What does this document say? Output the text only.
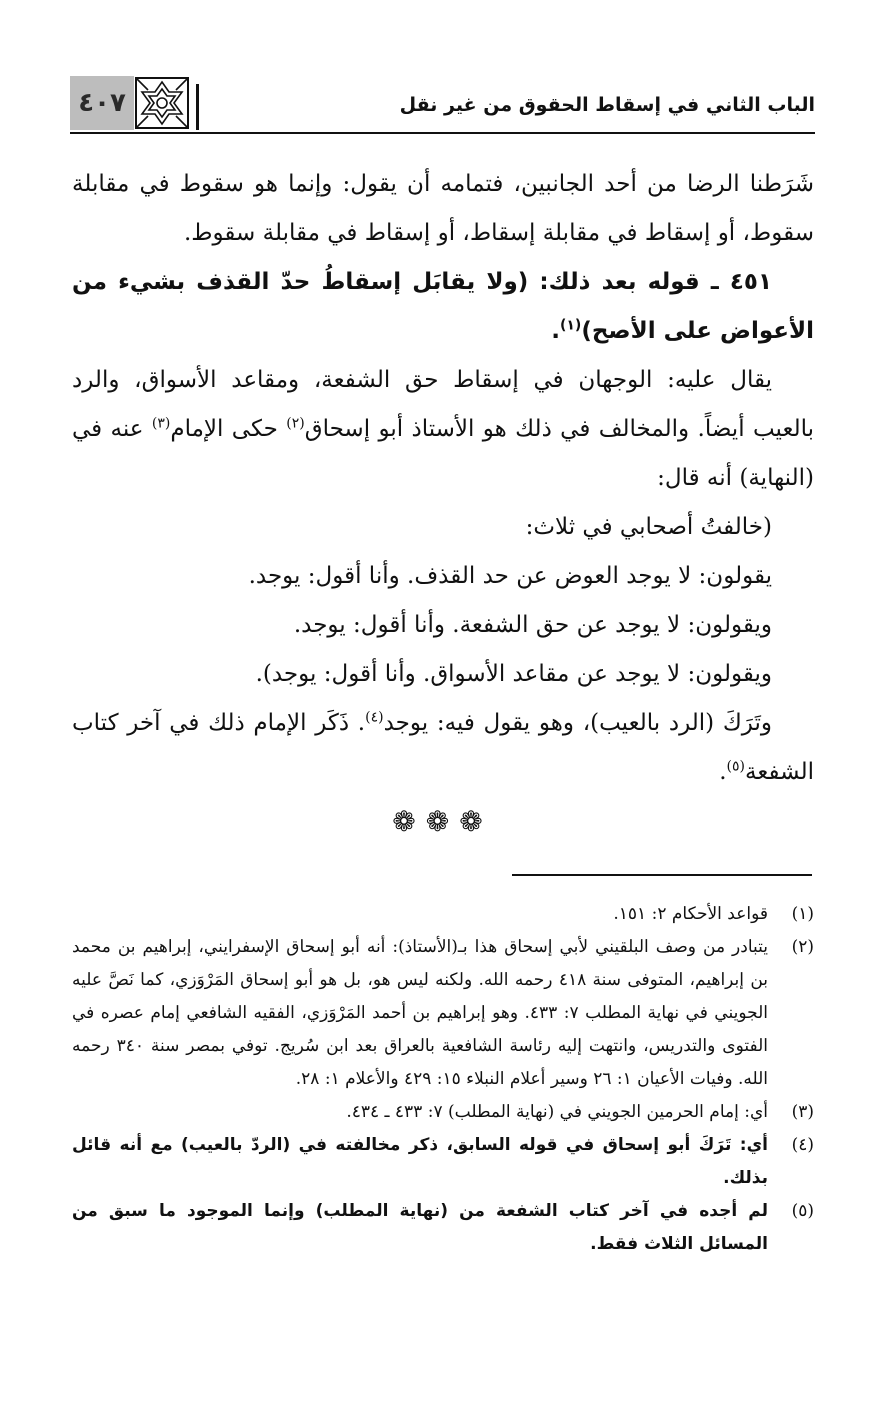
٤٠٧	الباب الثاني في إسقاط الحقوق من غير نقل

شَرَطنا الرضا من أحد الجانبين، فتمامه أن يقول: وإنما هو سقوط في مقابلة سقوط، أو إسقاط في مقابلة إسقاط، أو إسقاط في مقابلة سقوط.

٤٥١ ـ قوله بعد ذلك: (ولا يقابَل إسقاطُ حدّ القذف بشيء من الأعواض على الأصح)$^{(١)}$.

يقال عليه: الوجهان في إسقاط حق الشفعة، ومقاعد الأسواق، والرد بالعيب أيضاً. والمخالف في ذلك هو الأستاذ أبو إسحاق$^{(٢)}$ حكى الإمام$^{(٣)}$ عنه في (النهاية) أنه قال:

(خالفتُ أصحابي في ثلاث:

يقولون: لا يوجد العوض عن حد القذف. وأنا أقول: يوجد.

ويقولون: لا يوجد عن حق الشفعة. وأنا أقول: يوجد.

ويقولون: لا يوجد عن مقاعد الأسواق. وأنا أقول: يوجد).

وتَرَكَ (الرد بالعيب)، وهو يقول فيه: يوجد$^{(٤)}$. ذَكَر الإمام ذلك في آخر كتاب الشفعة$^{(٥)}$.

❁❁❁
(١)
قواعد الأحكام ٢: ١٥١.
(٢)
يتبادر من وصف البلقيني لأبي إسحاق هذا بـ(الأستاذ): أنه أبو إسحاق الإسفرايني، إبراهيم بن محمد بن إبراهيم، المتوفى سنة ٤١٨ رحمه الله. ولكنه ليس هو، بل هو أبو إسحاق المَرْوَزي، كما نَصَّ عليه الجويني في نهاية المطلب ٧: ٤٣٣. وهو إبراهيم بن أحمد المَرْوَزي، الفقيه الشافعي إمام عصره في الفتوى والتدريس، وانتهت إليه رئاسة الشافعية بالعراق بعد ابن سُريج. توفي بمصر سنة ٣٤٠ رحمه الله. وفيات الأعيان ١: ٢٦ وسير أعلام النبلاء ١٥: ٤٢٩ والأعلام ١: ٢٨.
(٣)
أي: إمام الحرمين الجويني في (نهاية المطلب) ٧: ٤٣٣ ـ ٤٣٤.
(٤)
أي: تَرَكَ أبو إسحاق في قوله السابق، ذكر مخالفته في (الردّ بالعيب) مع أنه قائل بذلك.
(٥)
لم أجده في آخر كتاب الشفعة من (نهاية المطلب) وإنما الموجود ما سبق من المسائل الثلاث فقط.
